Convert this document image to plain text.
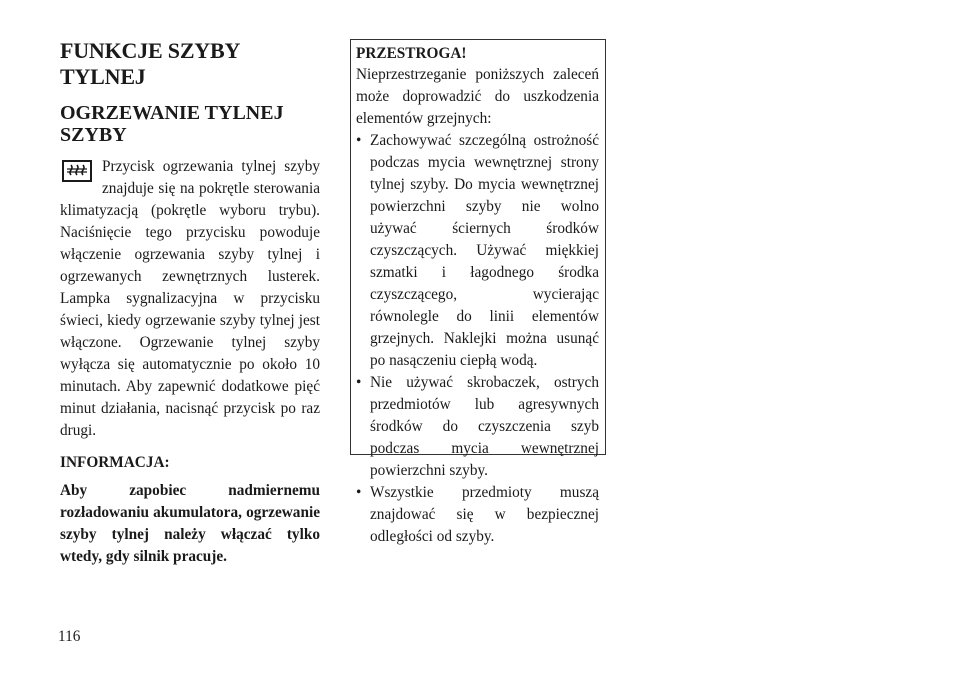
FUNKCJE SZYBY TYLNEJ
OGRZEWANIE TYLNEJ SZYBY

Przycisk ogrzewania tylnej szyby znajduje się na pokrętle sterowania klimatyzacją (pokrętle wyboru trybu). Naciśnięcie tego przycisku powoduje włączenie ogrzewania szyby tylnej i ogrzewanych zewnętrznych lusterek. Lampka sygnalizacyjna w przycisku świeci, kiedy ogrzewanie szyby tylnej jest włączone. Ogrzewanie tylnej szyby wyłącza się automatycznie po około 10 minutach. Aby zapewnić dodatkowe pięć minut działania, nacisnąć przycisk po raz drugi.

INFORMACJA:

Aby zapobiec nadmiernemu rozładowaniu akumulatora, ogrzewanie szyby tylnej należy włączać tylko wtedy, gdy silnik pracuje.

PRZESTROGA!

Nieprzestrzeganie poniższych zaleceń może doprowadzić do uszkodzenia elementów grzejnych:

• Zachowywać szczególną ostrożność podczas mycia wewnętrznej strony tylnej szyby. Do mycia wewnętrznej powierzchni szyby nie wolno używać ściernych środków czyszczących. Używać miękkiej szmatki i łagodnego środka czyszczącego, wycierając równolegle do linii elementów grzejnych. Naklejki można usunąć po nasączeniu ciepłą wodą.
• Nie używać skrobaczek, ostrych przedmiotów lub agresywnych środków do czyszczenia szyb podczas mycia wewnętrznej powierzchni szyby.
• Wszystkie przedmioty muszą znajdować się w bezpiecznej odległości od szyby.
116
